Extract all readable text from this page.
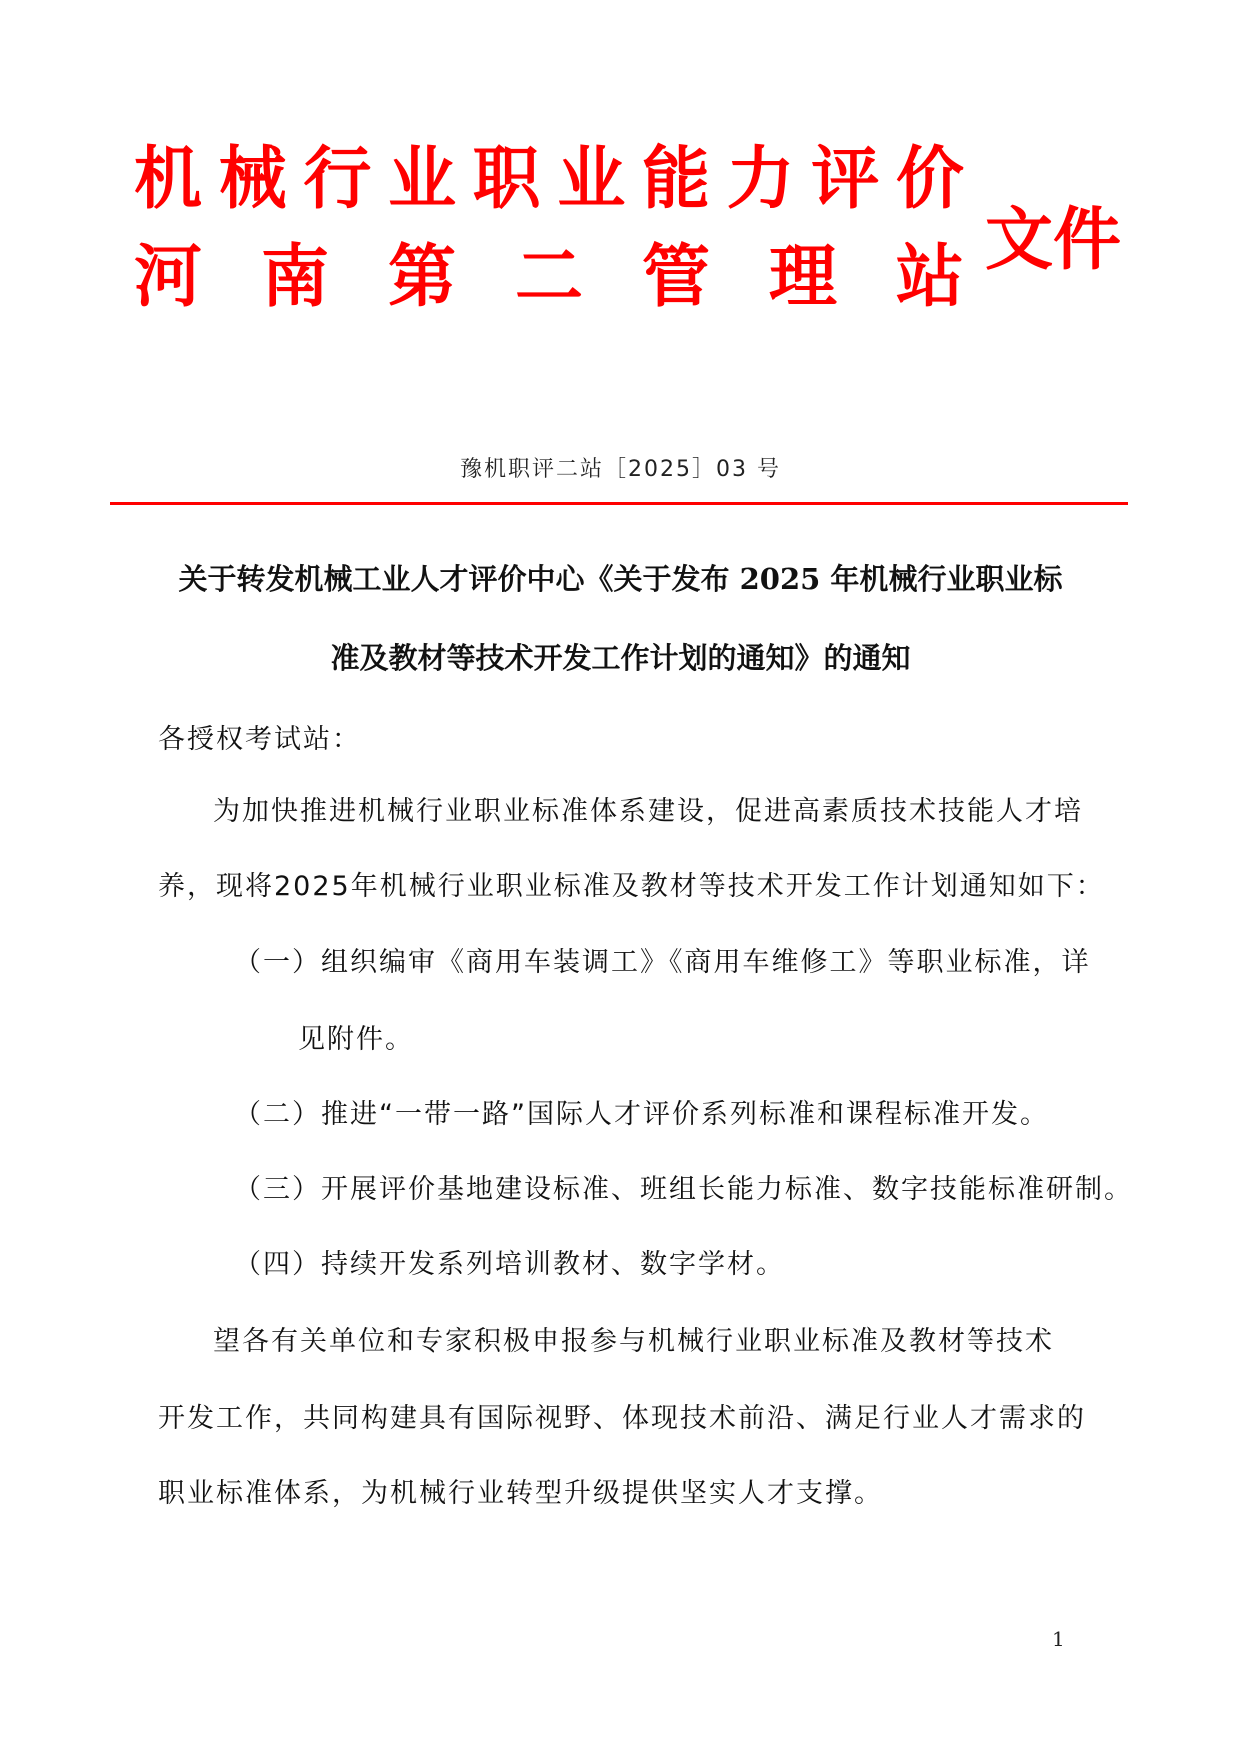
机 械 行 业 职 业 能 力 评 价
河 南 第 二 管 理 站 文件
豫机职评二站［2025］03 号
关于转发机械工业人才评价中心《关于发布 2025 年机械行业职业标
准及教材等技术开发工作计划的通知》的通知
各授权考试站：
为加快推进机械行业职业标准体系建设，促进高素质技术技能人才培
养，现将2025年机械行业职业标准及教材等技术开发工作计划通知如下：
（一）组织编审《商用车装调工》《商用车维修工》等职业标准，详
见附件。
（二）推进“一带一路”国际人才评价系列标准和课程标准开发。
（三）开展评价基地建设标准、班组长能力标准、数字技能标准研制。
（四）持续开发系列培训教材、数字学材。
望各有关单位和专家积极申报参与机械行业职业标准及教材等技术
开发工作，共同构建具有国际视野、体现技术前沿、满足行业人才需求的
职业标准体系，为机械行业转型升级提供坚实人才支撑。
1
